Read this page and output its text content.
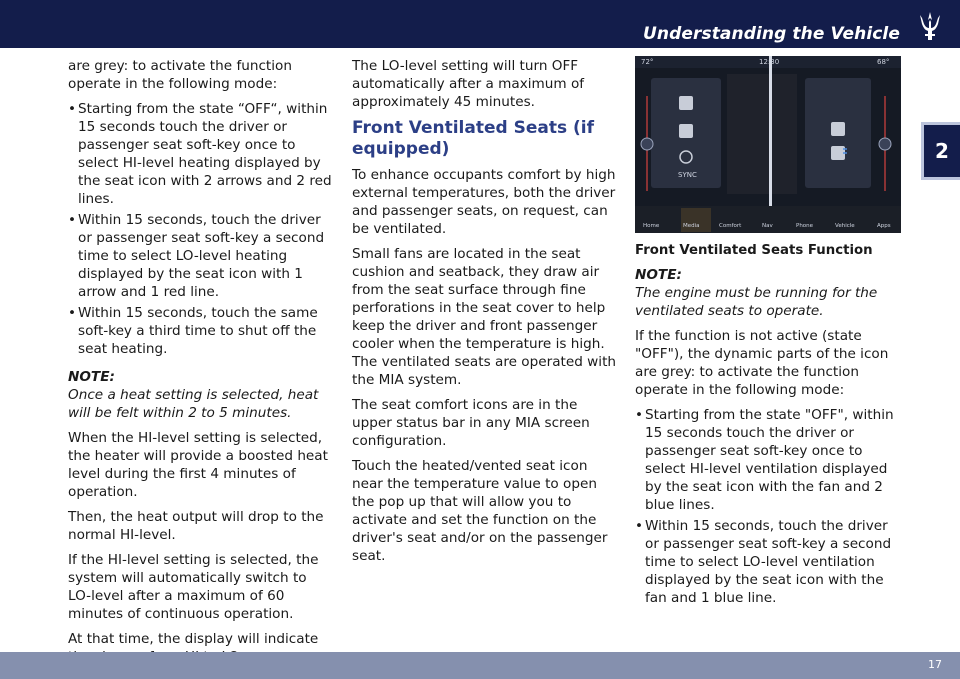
Understanding the Vehicle
2

are grey: to activate the function operate in the following mode:

• Starting from the state “OFF“, within 15 seconds touch the driver or passenger seat soft-key once to select HI-level heating displayed by the seat icon with 2 arrows and 2 red lines.

• Within 15 seconds, touch the driver or passenger seat soft-key a second time to select LO-level heating displayed by the seat icon with 1 arrow and 1 red line.

• Within 15 seconds, touch the same soft-key a third time to shut off the seat heating.

NOTE:

Once a heat setting is selected, heat will be felt within 2 to 5 minutes.

When the HI-level setting is selected, the heater will provide a boosted heat level during the first 4 minutes of operation.

Then, the heat output will drop to the normal HI-level.

If the HI-level setting is selected, the system will automatically switch to LO-level after a maximum of 60 minutes of continuous operation.

At that time, the display will indicate

The LO-level setting will turn OFF automatically after a maximum of approximately 45 minutes.

Front Ventilated Seats (if equipped)

To enhance occupants comfort by high external temperatures, both the driver and passenger seats, on request, can be ventilated.

Small fans are located in the seat cushion and seatback, they draw air from the seat surface through fine perforations in the seat cover to help keep the driver and front passenger cooler when the temperature is high. The ventilated seats are operated with the MIA system.

The seat comfort icons are in the upper status bar in any MIA screen configuration.

Touch the heated/vented seat icon near the temperature value to open the pop up that will allow you to activate and set the function on the driver's seat and/or on the passenger seat.

72°	12:30	68°
SYNC
Home	Media	Comfort	Nav	Phone	Vehicle	Apps

Front Ventilated Seats Function

NOTE:

The engine must be running for the ventilated seats to operate.

If the function is not active (state "OFF"), the dynamic parts of the icon are grey: to activate the function operate in the following mode:

• Starting from the state "OFF", within 15 seconds touch the driver or passenger seat soft-key once to select HI-level ventilation displayed by the seat icon with the fan and 2 blue lines.

• Within 15 seconds, touch the driver or passenger seat soft-key a second time to select LO-level ventilation displayed by the seat icon with the fan and 1 blue line.

17
